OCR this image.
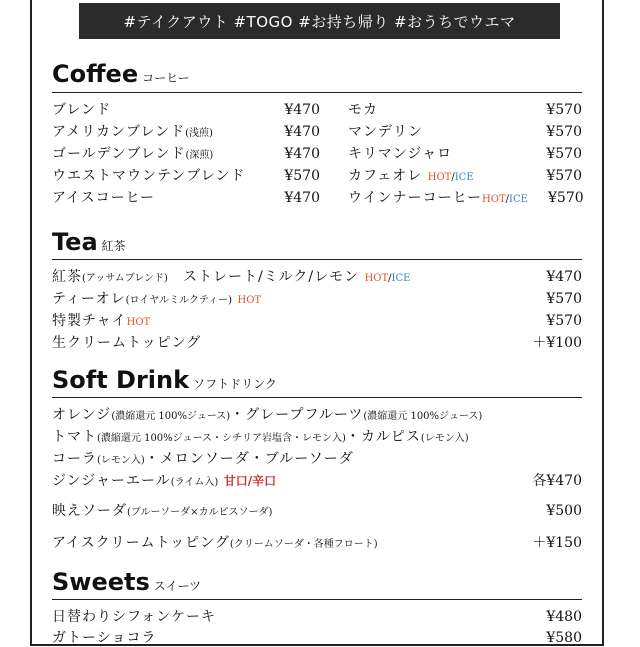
#テイクアウト #TOGO #お持ち帰り #おうちでウエマ
Coffee コーヒー
ブレンド	¥470
アメリカンブレンド(浅煎)	¥470
ゴールデンブレンド(深煎)	¥470
ウエストマウンテンブレンド	¥570
アイスコーヒー	¥470
モカ	¥570
マンデリン	¥570
キリマンジャロ	¥570
カフェオレ HOT/ICE	¥570
ウインナーコーヒーHOT/ICE ¥570
Tea 紅茶
紅茶(アッサムブレンド)　 ストレート/ミルク/レモン HOT/ICE	¥470
ティーオレ(ロイヤルミルクティー) HOT	¥570
特製チャイHOT	¥570
生クリームトッピング	＋¥100
Soft Drink ソフトドリンク
オレンジ(濃縮還元 100%ジュース)・グレープフルーツ(濃縮還元 100%ジュース)
トマト(濃縮還元 100%ジュース・シチリア岩塩含・レモン入)・カルピス(レモン入)
コーラ(レモン入)・メロンソーダ・ブルーソーダ
ジンジャーエール(ライム入) 甘口/辛口	各¥470
映えソーダ(ブルーソーダ×カルピスソーダ)	¥500
アイスクリームトッピング(クリームソーダ・各種フロート)	＋¥150
Sweets スイーツ
日替わりシフォンケーキ	¥480
ガトーショコラ	¥580
